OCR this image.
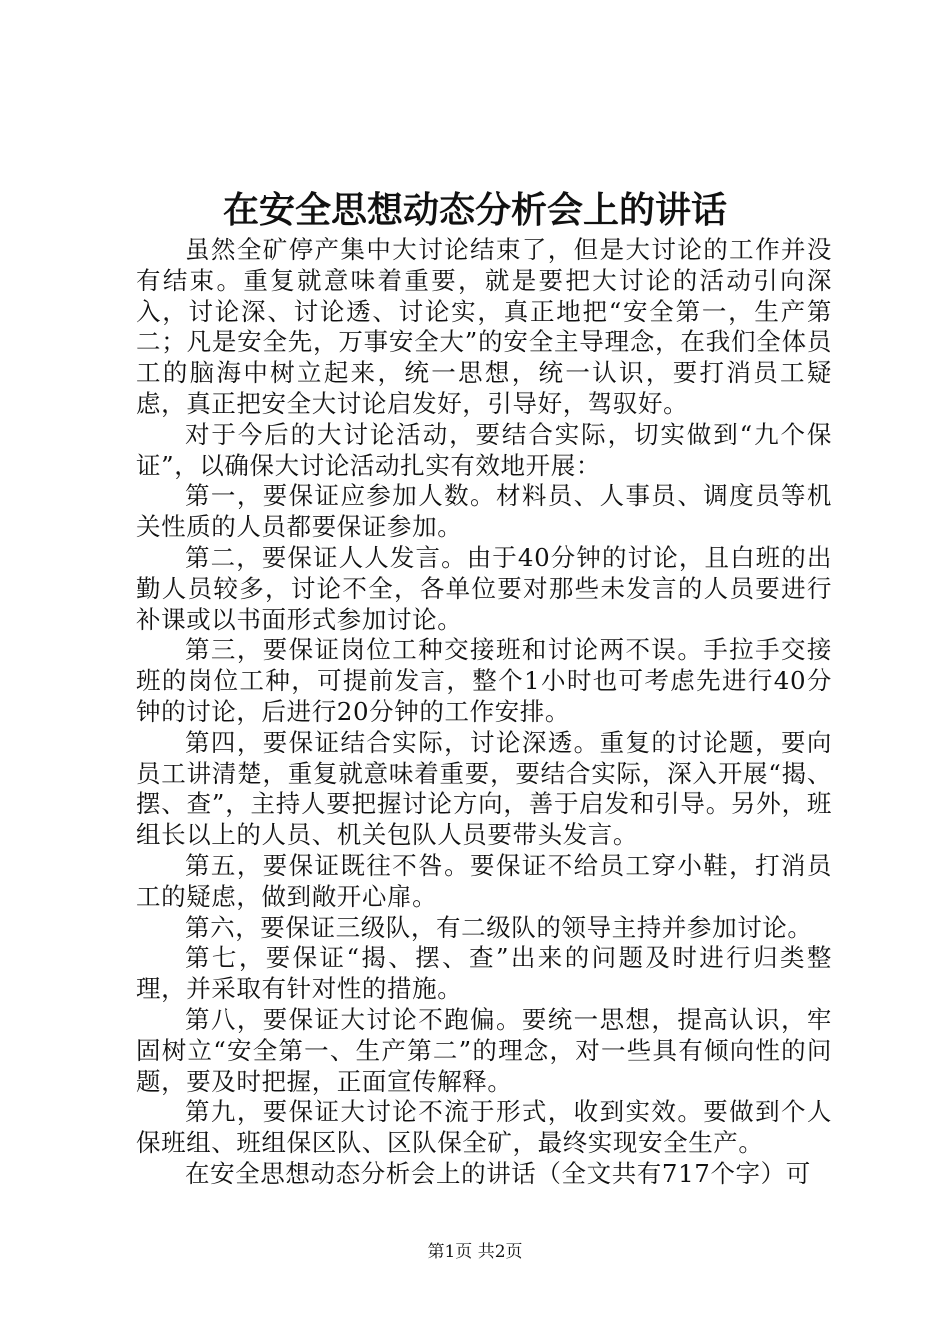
在安全思想动态分析会上的讲话

虽然全矿停产集中大讨论结束了，但是大讨论的工作并没有结束。重复就意味着重要，就是要把大讨论的活动引向深入，讨论深、讨论透、讨论实，真正地把“安全第一，生产第二；凡是安全先，万事安全大”的安全主导理念，在我们全体员工的脑海中树立起来，统一思想，统一认识，要打消员工疑虑，真正把安全大讨论启发好，引导好，驾驭好。

对于今后的大讨论活动，要结合实际，切实做到“九个保证”，以确保大讨论活动扎实有效地开展：

第一，要保证应参加人数。材料员、人事员、调度员等机关性质的人员都要保证参加。

第二，要保证人人发言。由于40分钟的讨论，且白班的出勤人员较多，讨论不全，各单位要对那些未发言的人员要进行补课或以书面形式参加讨论。

第三，要保证岗位工种交接班和讨论两不误。手拉手交接班的岗位工种，可提前发言，整个1小时也可考虑先进行40分钟的讨论，后进行20分钟的工作安排。

第四，要保证结合实际，讨论深透。重复的讨论题，要向员工讲清楚，重复就意味着重要，要结合实际，深入开展“揭、摆、查”，主持人要把握讨论方向，善于启发和引导。另外，班组长以上的人员、机关包队人员要带头发言。

第五，要保证既往不咎。要保证不给员工穿小鞋，打消员工的疑虑，做到敞开心扉。

第六，要保证三级队，有二级队的领导主持并参加讨论。

第七，要保证“揭、摆、查”出来的问题及时进行归类整理，并采取有针对性的措施。

第八，要保证大讨论不跑偏。要统一思想，提高认识，牢固树立“安全第一、生产第二”的理念，对一些具有倾向性的问题，要及时把握，正面宣传解释。

第九，要保证大讨论不流于形式，收到实效。要做到个人保班组、班组保区队、区队保全矿，最终实现安全生产。

在安全思想动态分析会上的讲话（全文共有717个字）可

第1页 共2页
